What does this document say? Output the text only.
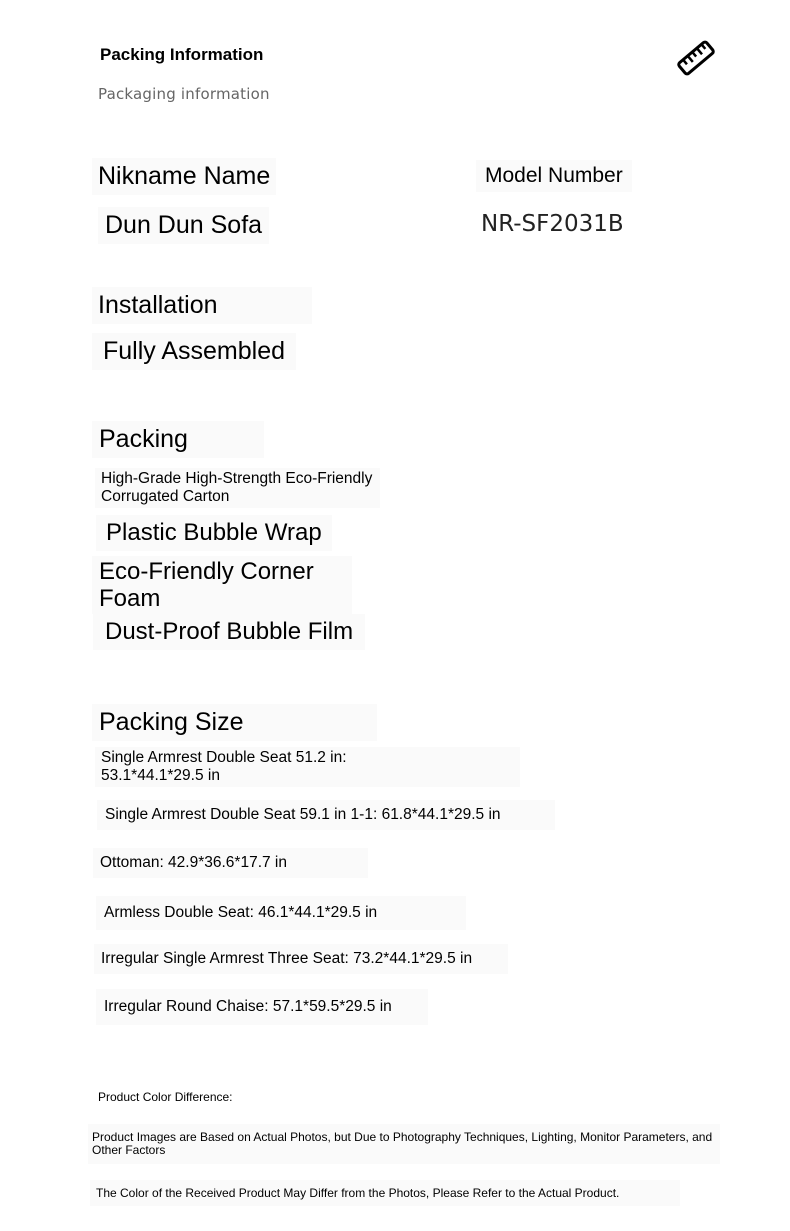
Packing Information
Packaging information
Nikname Name
Dun Dun Sofa
Model Number
NR-SF2031B
Installation
Fully Assembled
Packing
High-Grade High-Strength Eco-Friendly Corrugated Carton
Plastic Bubble Wrap
Eco-Friendly Corner Foam
Dust-Proof Bubble Film
Packing Size
Single Armrest Double Seat 51.2 in: 53.1*44.1*29.5 in
Single Armrest Double Seat 59.1 in 1-1: 61.8*44.1*29.5 in
Ottoman: 42.9*36.6*17.7 in
Armless Double Seat: 46.1*44.1*29.5 in
Irregular Single Armrest Three Seat: 73.2*44.1*29.5 in
Irregular Round Chaise: 57.1*59.5*29.5 in
Product Color Difference:
Product Images are Based on Actual Photos, but Due to Photography Techniques, Lighting, Monitor Parameters, and Other Factors
The Color of the Received Product May Differ from the Photos, Please Refer to the Actual Product.
